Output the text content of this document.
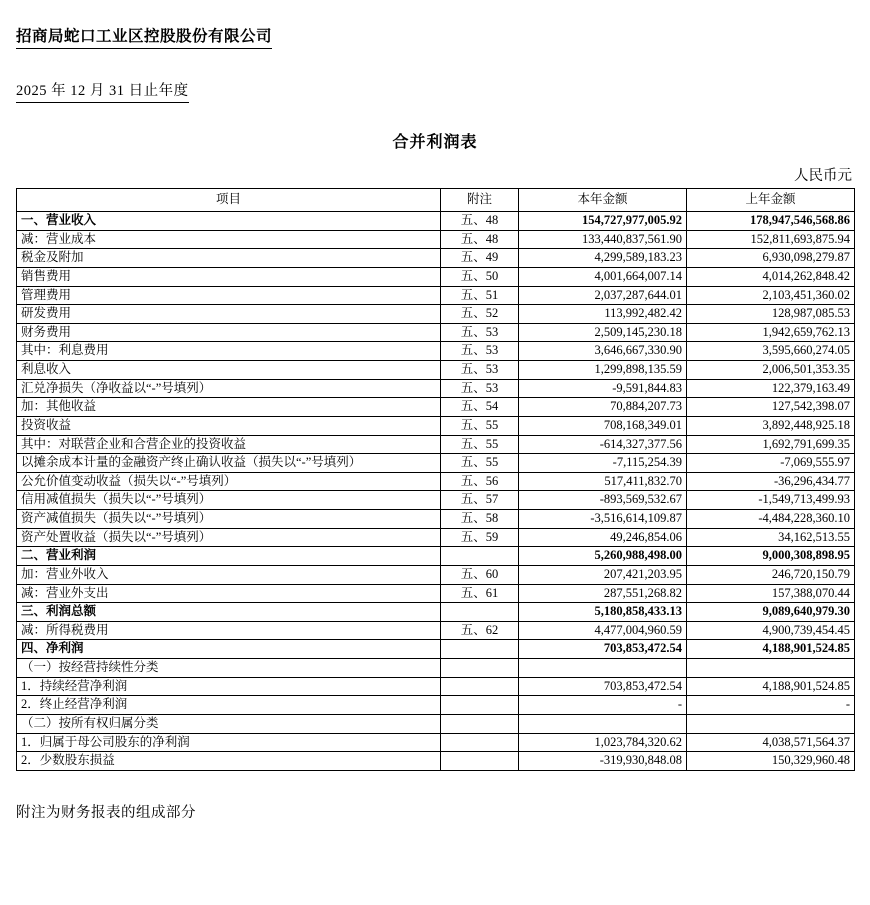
招商局蛇口工业区控股股份有限公司
2025 年 12 月 31 日止年度
合并利润表
人民币元
项目	附注	本年金额	上年金额
一、营业收入	五、48	154,727,977,005.92	178,947,546,568.86
减：营业成本	五、48	133,440,837,561.90	152,811,693,875.94
税金及附加	五、49	4,299,589,183.23	6,930,098,279.87
销售费用	五、50	4,001,664,007.14	4,014,262,848.42
管理费用	五、51	2,037,287,644.01	2,103,451,360.02
研发费用	五、52	113,992,482.42	128,987,085.53
财务费用	五、53	2,509,145,230.18	1,942,659,762.13
其中：利息费用	五、53	3,646,667,330.90	3,595,660,274.05
利息收入	五、53	1,299,898,135.59	2,006,501,353.35
汇兑净损失（净收益以“-”号填列）	五、53	-9,591,844.83	122,379,163.49
加：其他收益	五、54	70,884,207.73	127,542,398.07
投资收益	五、55	708,168,349.01	3,892,448,925.18
其中：对联营企业和合营企业的投资收益	五、55	-614,327,377.56	1,692,791,699.35
以摊余成本计量的金融资产终止确认收益（损失以“-”号填列）	五、55	-7,115,254.39	-7,069,555.97
公允价值变动收益（损失以“-”号填列）	五、56	517,411,832.70	-36,296,434.77
信用减值损失（损失以“-”号填列）	五、57	-893,569,532.67	-1,549,713,499.93
资产减值损失（损失以“-”号填列）	五、58	-3,516,614,109.87	-4,484,228,360.10
资产处置收益（损失以“-”号填列）	五、59	49,246,854.06	34,162,513.55
二、营业利润		5,260,988,498.00	9,000,308,898.95
加：营业外收入	五、60	207,421,203.95	246,720,150.79
减：营业外支出	五、61	287,551,268.82	157,388,070.44
三、利润总额		5,180,858,433.13	9,089,640,979.30
减：所得税费用	五、62	4,477,004,960.59	4,900,739,454.45
四、净利润		703,853,472.54	4,188,901,524.85
（一）按经营持续性分类			
1．持续经营净利润		703,853,472.54	4,188,901,524.85
2．终止经营净利润		-	-
（二）按所有权归属分类			
1．归属于母公司股东的净利润		1,023,784,320.62	4,038,571,564.37
2．少数股东损益		-319,930,848.08	150,329,960.48
附注为财务报表的组成部分
